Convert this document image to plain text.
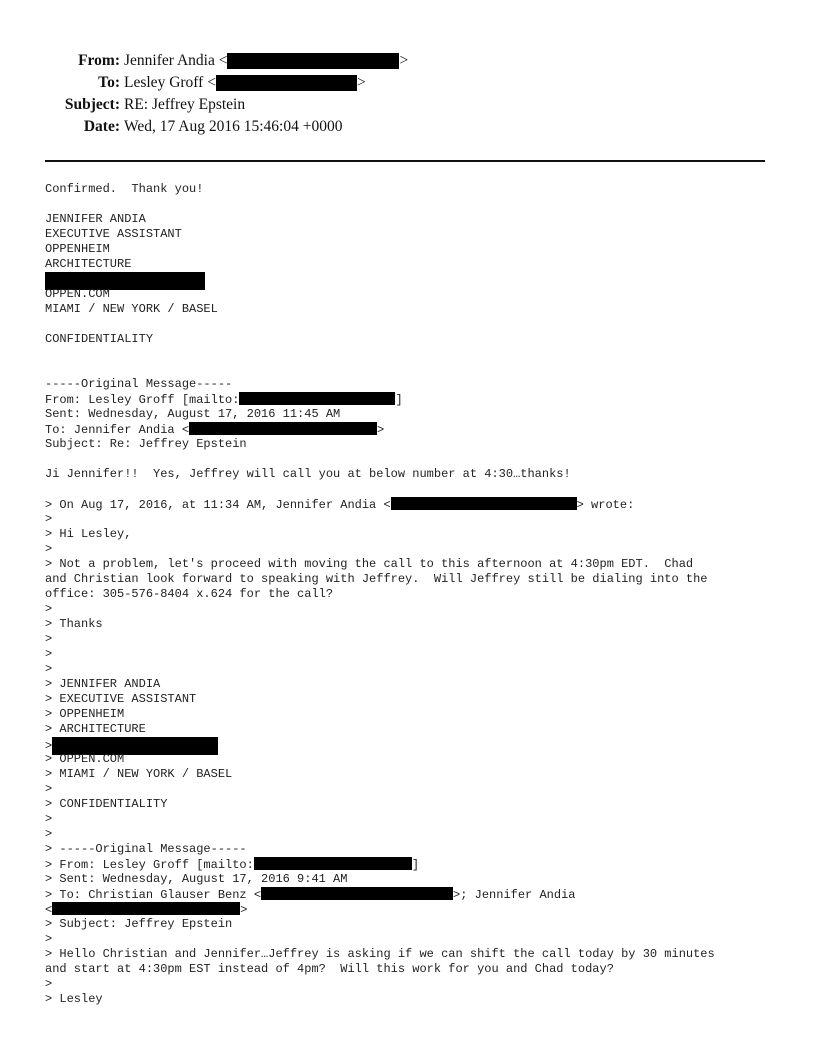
From: Jennifer Andia <	>
To: Lesley Groff <	>
Subject: RE: Jeffrey Epstein
Date: Wed, 17 Aug 2016 15:46:04 +0000
Confirmed.  Thank you!
JENNIFER ANDIA
EXECUTIVE ASSISTANT
OPPENHEIM
ARCHITECTURE
OPPEN.COM
MIAMI / NEW YORK / BASEL
CONFIDENTIALITY
-----Original Message-----
From: Lesley Groff [mailto:	]
Sent: Wednesday, August 17, 2016 11:45 AM
To: Jennifer Andia <	>
Subject: Re: Jeffrey Epstein
Ji Jennifer!!  Yes, Jeffrey will call you at below number at 4:30…thanks!
> On Aug 17, 2016, at 11:34 AM, Jennifer Andia <	> wrote:
>
> Hi Lesley,
>
> Not a problem, let's proceed with moving the call to this afternoon at 4:30pm EDT.  Chad
and Christian look forward to speaking with Jeffrey.  Will Jeffrey still be dialing into the
office: 305-576-8404 x.624 for the call?
>
> Thanks
>
>
>
> JENNIFER ANDIA
> EXECUTIVE ASSISTANT
> OPPENHEIM
> ARCHITECTURE
>
> OPPEN.COM
> MIAMI / NEW YORK / BASEL
>
> CONFIDENTIALITY
>
>
> -----Original Message-----
> From: Lesley Groff [mailto:	]
> Sent: Wednesday, August 17, 2016 9:41 AM
> To: Christian Glauser Benz <	>; Jennifer Andia
<	>
> Subject: Jeffrey Epstein
>
> Hello Christian and Jennifer…Jeffrey is asking if we can shift the call today by 30 minutes
and start at 4:30pm EST instead of 4pm?  Will this work for you and Chad today?
>
> Lesley
